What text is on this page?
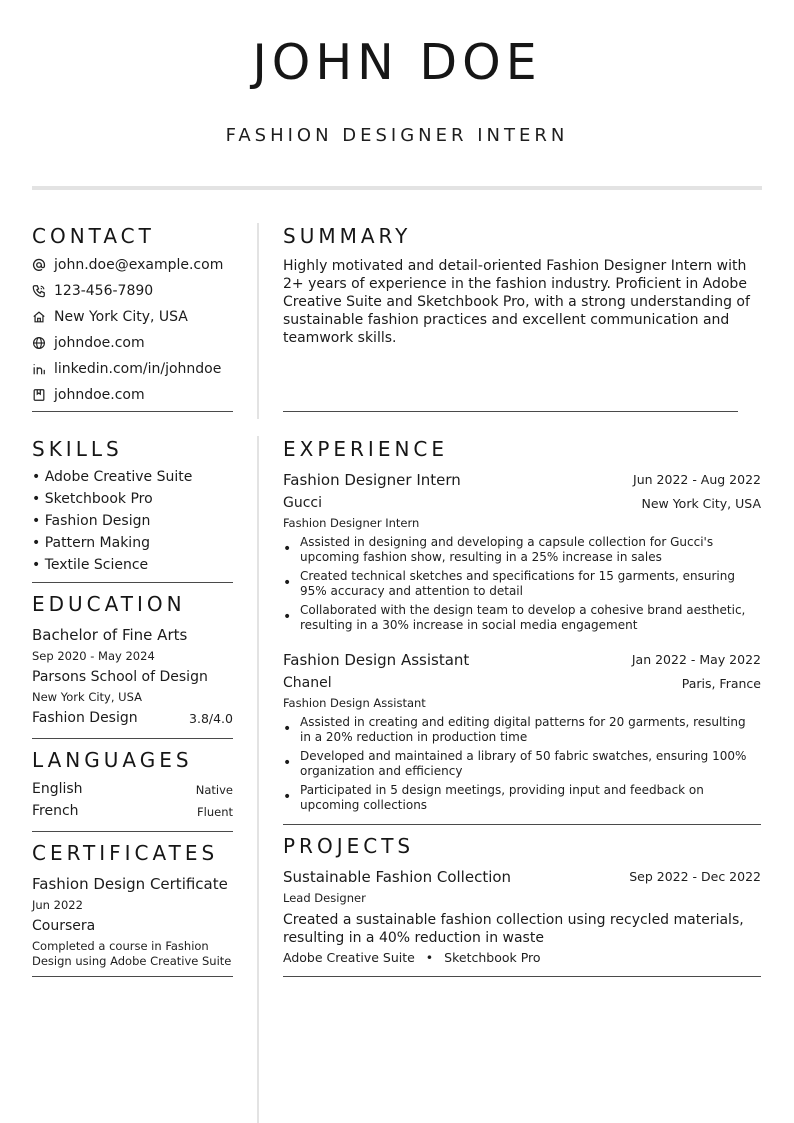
JOHN DOE
FASHION DESIGNER INTERN
CONTACT
john.doe@example.com
123-456-7890
New York City, USA
johndoe.com
linkedin.com/in/johndoe
johndoe.com
SUMMARY
Highly motivated and detail-oriented Fashion Designer Intern with 2+ years of experience in the fashion industry. Proficient in Adobe Creative Suite and Sketchbook Pro, with a strong understanding of sustainable fashion practices and excellent communication and teamwork skills.
SKILLS
• Adobe Creative Suite
• Sketchbook Pro
• Fashion Design
• Pattern Making
• Textile Science
EDUCATION
Bachelor of Fine Arts
Sep 2020 - May 2024
Parsons School of Design
New York City, USA
Fashion Design	3.8/4.0
LANGUAGES
English	Native
French	Fluent
CERTIFICATES
Fashion Design Certificate
Jun 2022
Coursera
Completed a course in Fashion Design using Adobe Creative Suite
EXPERIENCE
Fashion Designer Intern	Jun 2022 - Aug 2022
Gucci	New York City, USA
Fashion Designer Intern
• Assisted in designing and developing a capsule collection for Gucci's upcoming fashion show, resulting in a 25% increase in sales
• Created technical sketches and specifications for 15 garments, ensuring 95% accuracy and attention to detail
• Collaborated with the design team to develop a cohesive brand aesthetic, resulting in a 30% increase in social media engagement
Fashion Design Assistant	Jan 2022 - May 2022
Chanel	Paris, France
Fashion Design Assistant
• Assisted in creating and editing digital patterns for 20 garments, resulting in a 20% reduction in production time
• Developed and maintained a library of 50 fabric swatches, ensuring 100% organization and efficiency
• Participated in 5 design meetings, providing input and feedback on upcoming collections
PROJECTS
Sustainable Fashion Collection	Sep 2022 - Dec 2022
Lead Designer
Created a sustainable fashion collection using recycled materials, resulting in a 40% reduction in waste
Adobe Creative Suite • Sketchbook Pro
